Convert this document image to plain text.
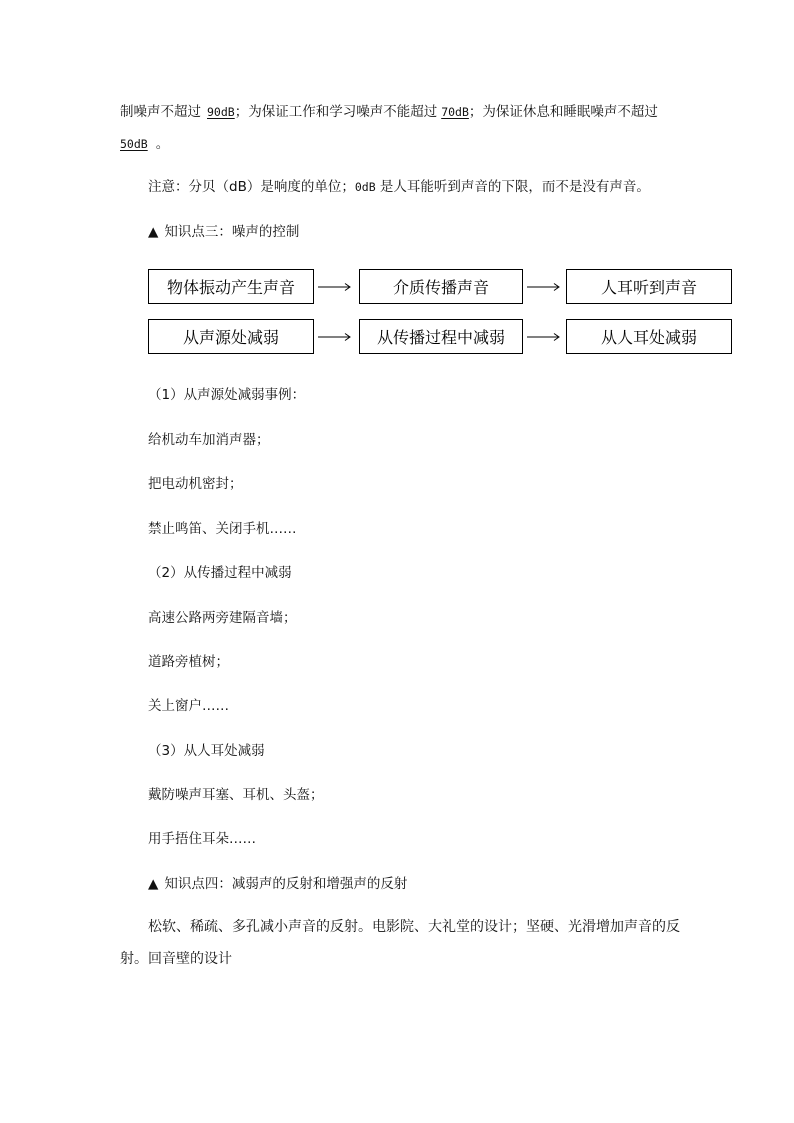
制噪声不超过 90dB；为保证工作和学习噪声不能超过 70dB；为保证休息和睡眠噪声不超过
50dB 。
注意：分贝（dB）是响度的单位；0dB 是人耳能听到声音的下限，而不是没有声音。
▲ 知识点三：噪声的控制
物体振动产生声音	介质传播声音	人耳听到声音
从声源处减弱	从传播过程中减弱	从人耳处减弱
（1）从声源处减弱事例：
给机动车加消声器；
把电动机密封；
禁止鸣笛、关闭手机……
（2）从传播过程中减弱
高速公路两旁建隔音墙；
道路旁植树；
关上窗户……
（3）从人耳处减弱
戴防噪声耳塞、耳机、头盔；
用手捂住耳朵……
▲ 知识点四：减弱声的反射和增强声的反射
松软、稀疏、多孔减小声音的反射。电影院、大礼堂的设计；坚硬、光滑增加声音的反
射。回音壁的设计
